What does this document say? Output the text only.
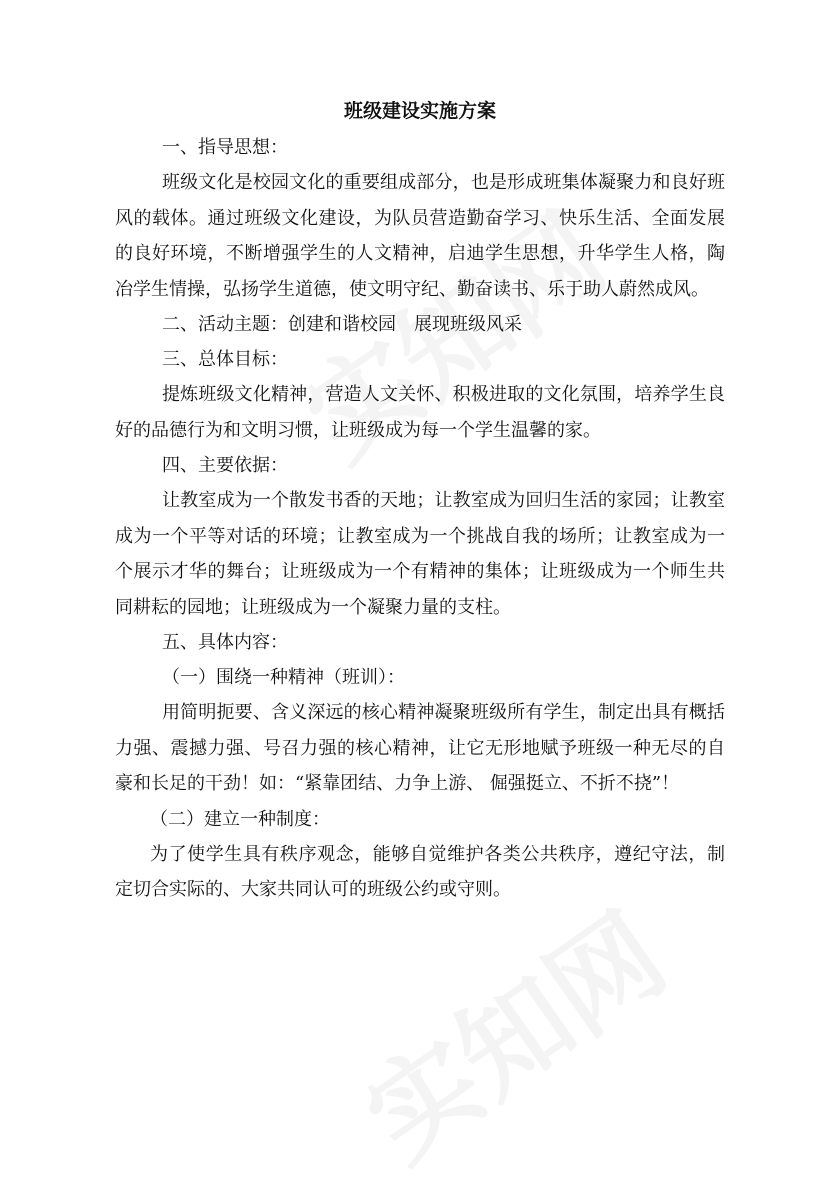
班级建设实施方案

一、指导思想：

班级文化是校园文化的重要组成部分，也是形成班集体凝聚力和良好班风的载体。通过班级文化建设，为队员营造勤奋学习、快乐生活、全面发展的良好环境，不断增强学生的人文精神，启迪学生思想，升华学生人格，陶冶学生情操，弘扬学生道德，使文明守纪、勤奋读书、乐于助人蔚然成风。

二、活动主题：创建和谐校园　展现班级风采

三、总体目标：

提炼班级文化精神，营造人文关怀、积极进取的文化氛围，培养学生良好的品德行为和文明习惯，让班级成为每一个学生温馨的家。

四、主要依据：

让教室成为一个散发书香的天地；让教室成为回归生活的家园；让教室成为一个平等对话的环境；让教室成为一个挑战自我的场所；让教室成为一个展示才华的舞台；让班级成为一个有精神的集体；让班级成为一个师生共同耕耘的园地；让班级成为一个凝聚力量的支柱。

五、具体内容：

（一）围绕一种精神（班训）：

用简明扼要、含义深远的核心精神凝聚班级所有学生，制定出具有概括力强、震撼力强、号召力强的核心精神，让它无形地赋予班级一种无尽的自豪和长足的干劲！如：“紧靠团结、力争上游、 倔强挺立、不折不挠”！

（二）建立一种制度：

为了使学生具有秩序观念，能够自觉维护各类公共秩序，遵纪守法，制定切合实际的、大家共同认可的班级公约或守则。
